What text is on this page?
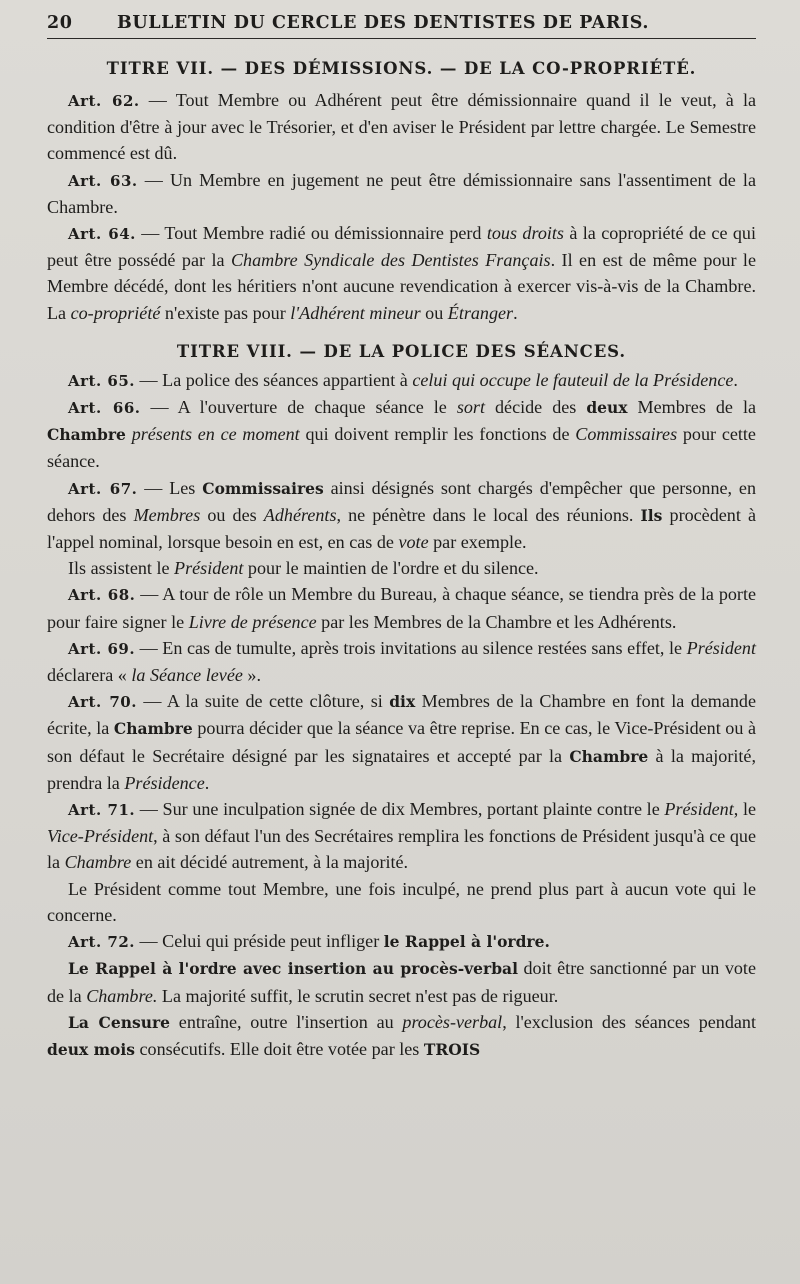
20	BULLETIN DU CERCLE DES DENTISTES DE PARIS.
TITRE VII. — DES DÉMISSIONS. — DE LA CO-PROPRIÉTÉ.

Art. 62. — Tout Membre ou Adhérent peut être démissionnaire quand il le veut, à la condition d'être à jour avec le Trésorier, et d'en aviser le Président par lettre chargée. Le Semestre commencé est dû.

Art. 63. — Un Membre en jugement ne peut être démissionnaire sans l'assentiment de la Chambre.

Art. 64. — Tout Membre radié ou démissionnaire perd tous droits à la copropriété de ce qui peut être possédé par la Chambre Syndicale des Dentistes Français. Il en est de même pour le Membre décédé, dont les héritiers n'ont aucune revendication à exercer vis-à-vis de la Chambre. La co-propriété n'existe pas pour l'Adhérent mineur ou Étranger.

TITRE VIII. — DE LA POLICE DES SÉANCES.

Art. 65. — La police des séances appartient à celui qui occupe le fauteuil de la Présidence.

Art. 66. — A l'ouverture de chaque séance le sort décide des deux Membres de la Chambre présents en ce moment qui doivent remplir les fonctions de Commissaires pour cette séance.

Art. 67. — Les Commissaires ainsi désignés sont chargés d'empêcher que personne, en dehors des Membres ou des Adhérents, ne pénètre dans le local des réunions. Ils procèdent à l'appel nominal, lorsque besoin en est, en cas de vote par exemple.

Ils assistent le Président pour le maintien de l'ordre et du silence.

Art. 68. — A tour de rôle un Membre du Bureau, à chaque séance, se tiendra près de la porte pour faire signer le Livre de présence par les Membres de la Chambre et les Adhérents.

Art. 69. — En cas de tumulte, après trois invitations au silence restées sans effet, le Président déclarera « la Séance levée ».

Art. 70. — A la suite de cette clôture, si dix Membres de la Chambre en font la demande écrite, la Chambre pourra décider que la séance va être reprise. En ce cas, le Vice-Président ou à son défaut le Secrétaire désigné par les signataires et accepté par la Chambre à la majorité, prendra la Présidence.

Art. 71. — Sur une inculpation signée de dix Membres, portant plainte contre le Président, le Vice-Président, à son défaut l'un des Secrétaires remplira les fonctions de Président jusqu'à ce que la Chambre en ait décidé autrement, à la majorité.

Le Président comme tout Membre, une fois inculpé, ne prend plus part à aucun vote qui le concerne.

Art. 72. — Celui qui préside peut infliger le Rappel à l'ordre.

Le Rappel à l'ordre avec insertion au procès-verbal doit être sanctionné par un vote de la Chambre. La majorité suffit, le scrutin secret n'est pas de rigueur.

La Censure entraîne, outre l'insertion au procès-verbal, l'exclusion des séances pendant deux mois consécutifs. Elle doit être votée par les TROIS
